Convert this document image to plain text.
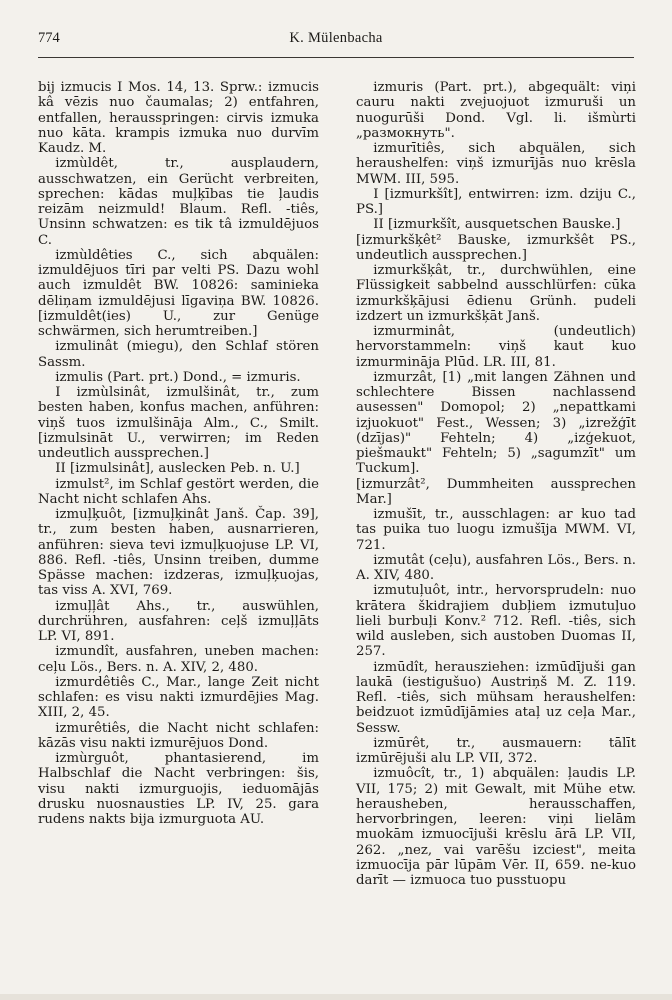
774	K. Mülenbacha

bij izmucis I Mos. 14, 13. Sprw.: izmucis kâ vēzis nuo čaumalas; 2) entfahren, entfallen, herausspringen: cirvis izmuka nuo kāta. krampis izmuka nuo durvīm Kaudz. M.

izmùldêt, tr., ausplaudern, ausschwatzen, ein Gerücht verbreiten, sprechen: kādas muļķības tie ļaudis reizām neizmuld! Blaum. Refl. -tiês, Unsinn schwatzen: es tik tâ izmuldējuos C.

izmùldêties C., sich abquälen: izmuldējuos tīri par velti PS. Dazu wohl auch izmuldêt BW. 10826: saminieka dēliņam izmuldējusi līgaviņa BW. 10826. [izmuldêt(ies) U., zur Genüge schwärmen, sich herumtreiben.]

izmulinât (miegu), den Schlaf stören Sassm.

izmulis (Part. prt.) Dond., = izmuris.

I izmùlsinât, izmulšinât, tr., zum besten haben, konfus machen, anführen: viņš tuos izmulšināja Alm., C., Smilt. [izmulsināt U., verwirren; im Reden undeutlich aussprechen.]

II [izmulsinât], auslecken Peb. n. U.]

izmulst², im Schlaf gestört werden, die Nacht nicht schlafen Ahs.

izmuļķuôt, [izmuļķinât Janš. Čap. 39], tr., zum besten haben, ausnarrieren, anführen: sieva tevi izmuļķuojuse LP. VI, 886. Refl. -tiês, Unsinn treiben, dumme Spässe machen: izdzeras, izmuļķuojas, tas viss A. XVI, 769.

izmuļļât Ahs., tr., auswühlen, durchrühren, ausfahren: ceļš izmuļļāts LP. VI, 891.

izmundît, ausfahren, uneben machen: ceļu Lös., Bers. n. A. XIV, 2, 480.

izmurdêtiês C., Mar., lange Zeit nicht schlafen: es visu nakti izmurdējies Mag. XIII, 2, 45.

izmurêtiês, die Nacht nicht schlafen: kāzās visu nakti izmurējuos Dond.

izmùrguôt, phantasierend, im Halbschlaf die Nacht verbringen: šis, visu nakti izmurguojis, ieduomājās drusku nuosnausties LP. IV, 25. gara rudens nakts bija izmurguota AU.

izmuris (Part. prt.), abgequält: viņi cauru nakti zvejuojuot izmuruši un nuogurūši Dond. Vgl. li. išmùrti „размокнуть".

izmurītiês, sich abquälen, sich heraushelfen: viņš izmurījās nuo krēsla MWM. III, 595.

I [izmurkšît], entwirren: izm. dziju C., PS.]

II [izmurkšît, ausquetschen Bauske.]

[izmurkšķêt² Bauske, izmurkšêt PS., undeutlich aussprechen.]

izmurkšķât, tr., durchwühlen, eine Flüssigkeit sabbelnd ausschlürfen: cūka izmurkšķājusi ēdienu Grünh. pudeli izdzert un izmurkšķāt Janš.

izmurminât, (undeutlich) hervorstammeln: viņš kaut kuo izmurmināja Plūd. LR. III, 81.

izmurzât, [1) „mit langen Zähnen und schlechtere Bissen nachlassend ausessen" Domopol; 2) „nepattkami izjuokuot" Fest., Wessen; 3) „izrežģīt (dzījas)" Fehteln; 4) „izģekuot, piešmaukt" Fehteln; 5) „sagumzīt" um Tuckum].

[izmurzât², Dummheiten aussprechen Mar.]

izmušīt, tr., ausschlagen: ar kuo tad tas puika tuo luogu izmušīja MWM. VI, 721.

izmutât (ceļu), ausfahren Lös., Bers. n. A. XIV, 480.

izmutuļuôt, intr., hervorsprudeln: nuo krātera škidrajiem dubļiem izmutuļuo lieli burbuļi Konv.² 712. Refl. -tiês, sich wild ausleben, sich austoben Duomas II, 257.

izmūdît, herausziehen: izmūdījuši gan laukā (iestigušuo) Austriņš M. Z. 119. Refl. -tiês, sich mühsam heraushelfen: beidzuot izmūdījāmies ataļ uz ceļa Mar., Sessw.

izmūrêt, tr., ausmauern: tālīt izmūrējuši alu LP. VII, 372.

izmuôcît, tr., 1) abquälen: ļaudis LP. VII, 175; 2) mit Gewalt, mit Mühe etw. herausheben, herausschaffen, hervorbringen, leeren: viņi lielām muokām izmuocījuši krēslu ārā LP. VII, 262. „nez, vai varēšu izciest", meita izmuocīja pār lūpām Vēr. II, 659. ne-kuo darīt — izmuoca tuo pusstuopu
